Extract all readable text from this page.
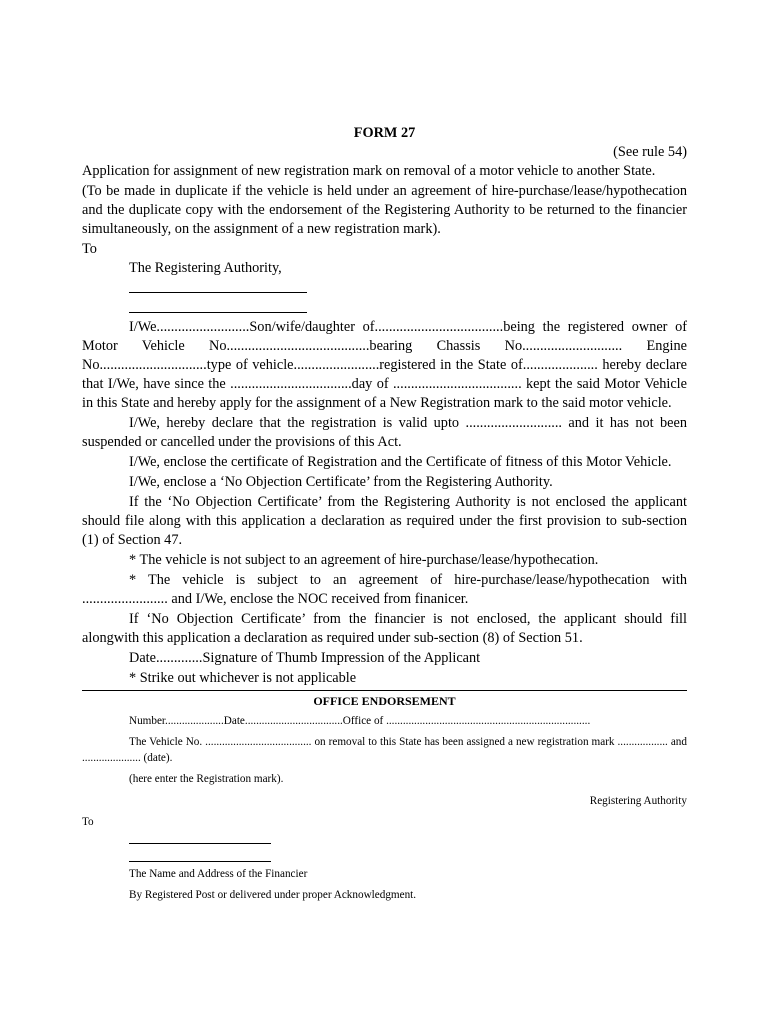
FORM 27
(See rule 54)

Application for assignment of new registration mark on removal of a motor vehicle to another State.

(To be made in duplicate if the vehicle is held under an agreement of hire-purchase/lease/hypothecation and the duplicate copy with the endorsement of the Registering Authority to be returned to the financier simultaneously, on the assignment of a new registration mark).

To

The Registering Authority,

I/We..........................Son/wife/daughter of....................................being the registered owner of Motor Vehicle No........................................bearing Chassis No............................ Engine No..............................type of vehicle........................registered in the State of..................... hereby declare that I/We, have since the ..................................day of .................................... kept the said Motor Vehicle in this State and hereby apply for the assignment of a New Registration mark to the said motor vehicle.

I/We, hereby declare that the registration is valid upto ........................... and it has not been suspended or cancelled under the provisions of this Act.

I/We, enclose the certificate of Registration and the Certificate of fitness of this Motor Vehicle.

I/We, enclose a ‘No Objection Certificate’ from the Registering Authority.

If the ‘No Objection Certificate’ from the Registering Authority is not enclosed the applicant should file along with this application a declaration as required under the first provision to sub-section (1) of Section 47.

* The vehicle is not subject to an agreement of hire-purchase/lease/hypothecation.

* The vehicle is subject to an agreement of hire-purchase/lease/hypothecation with ........................ and I/We, enclose the NOC received from finanicer.

If ‘No Objection Certificate’ from the financier is not enclosed, the applicant should fill alongwith this application a declaration as required under sub-section (8) of Section 51.

Date.............Signature of Thumb Impression of the Applicant

* Strike out whichever is not applicable

OFFICE ENDORSEMENT

Number.....................Date...................................Office of .........................................................................

The Vehicle No. ...................................... on removal to this State has been assigned a new registration mark .................. and ..................... (date).

(here enter the Registration mark).

Registering Authority
To
The Name and Address of the Financier
By Registered Post or delivered under proper Acknowledgment.
